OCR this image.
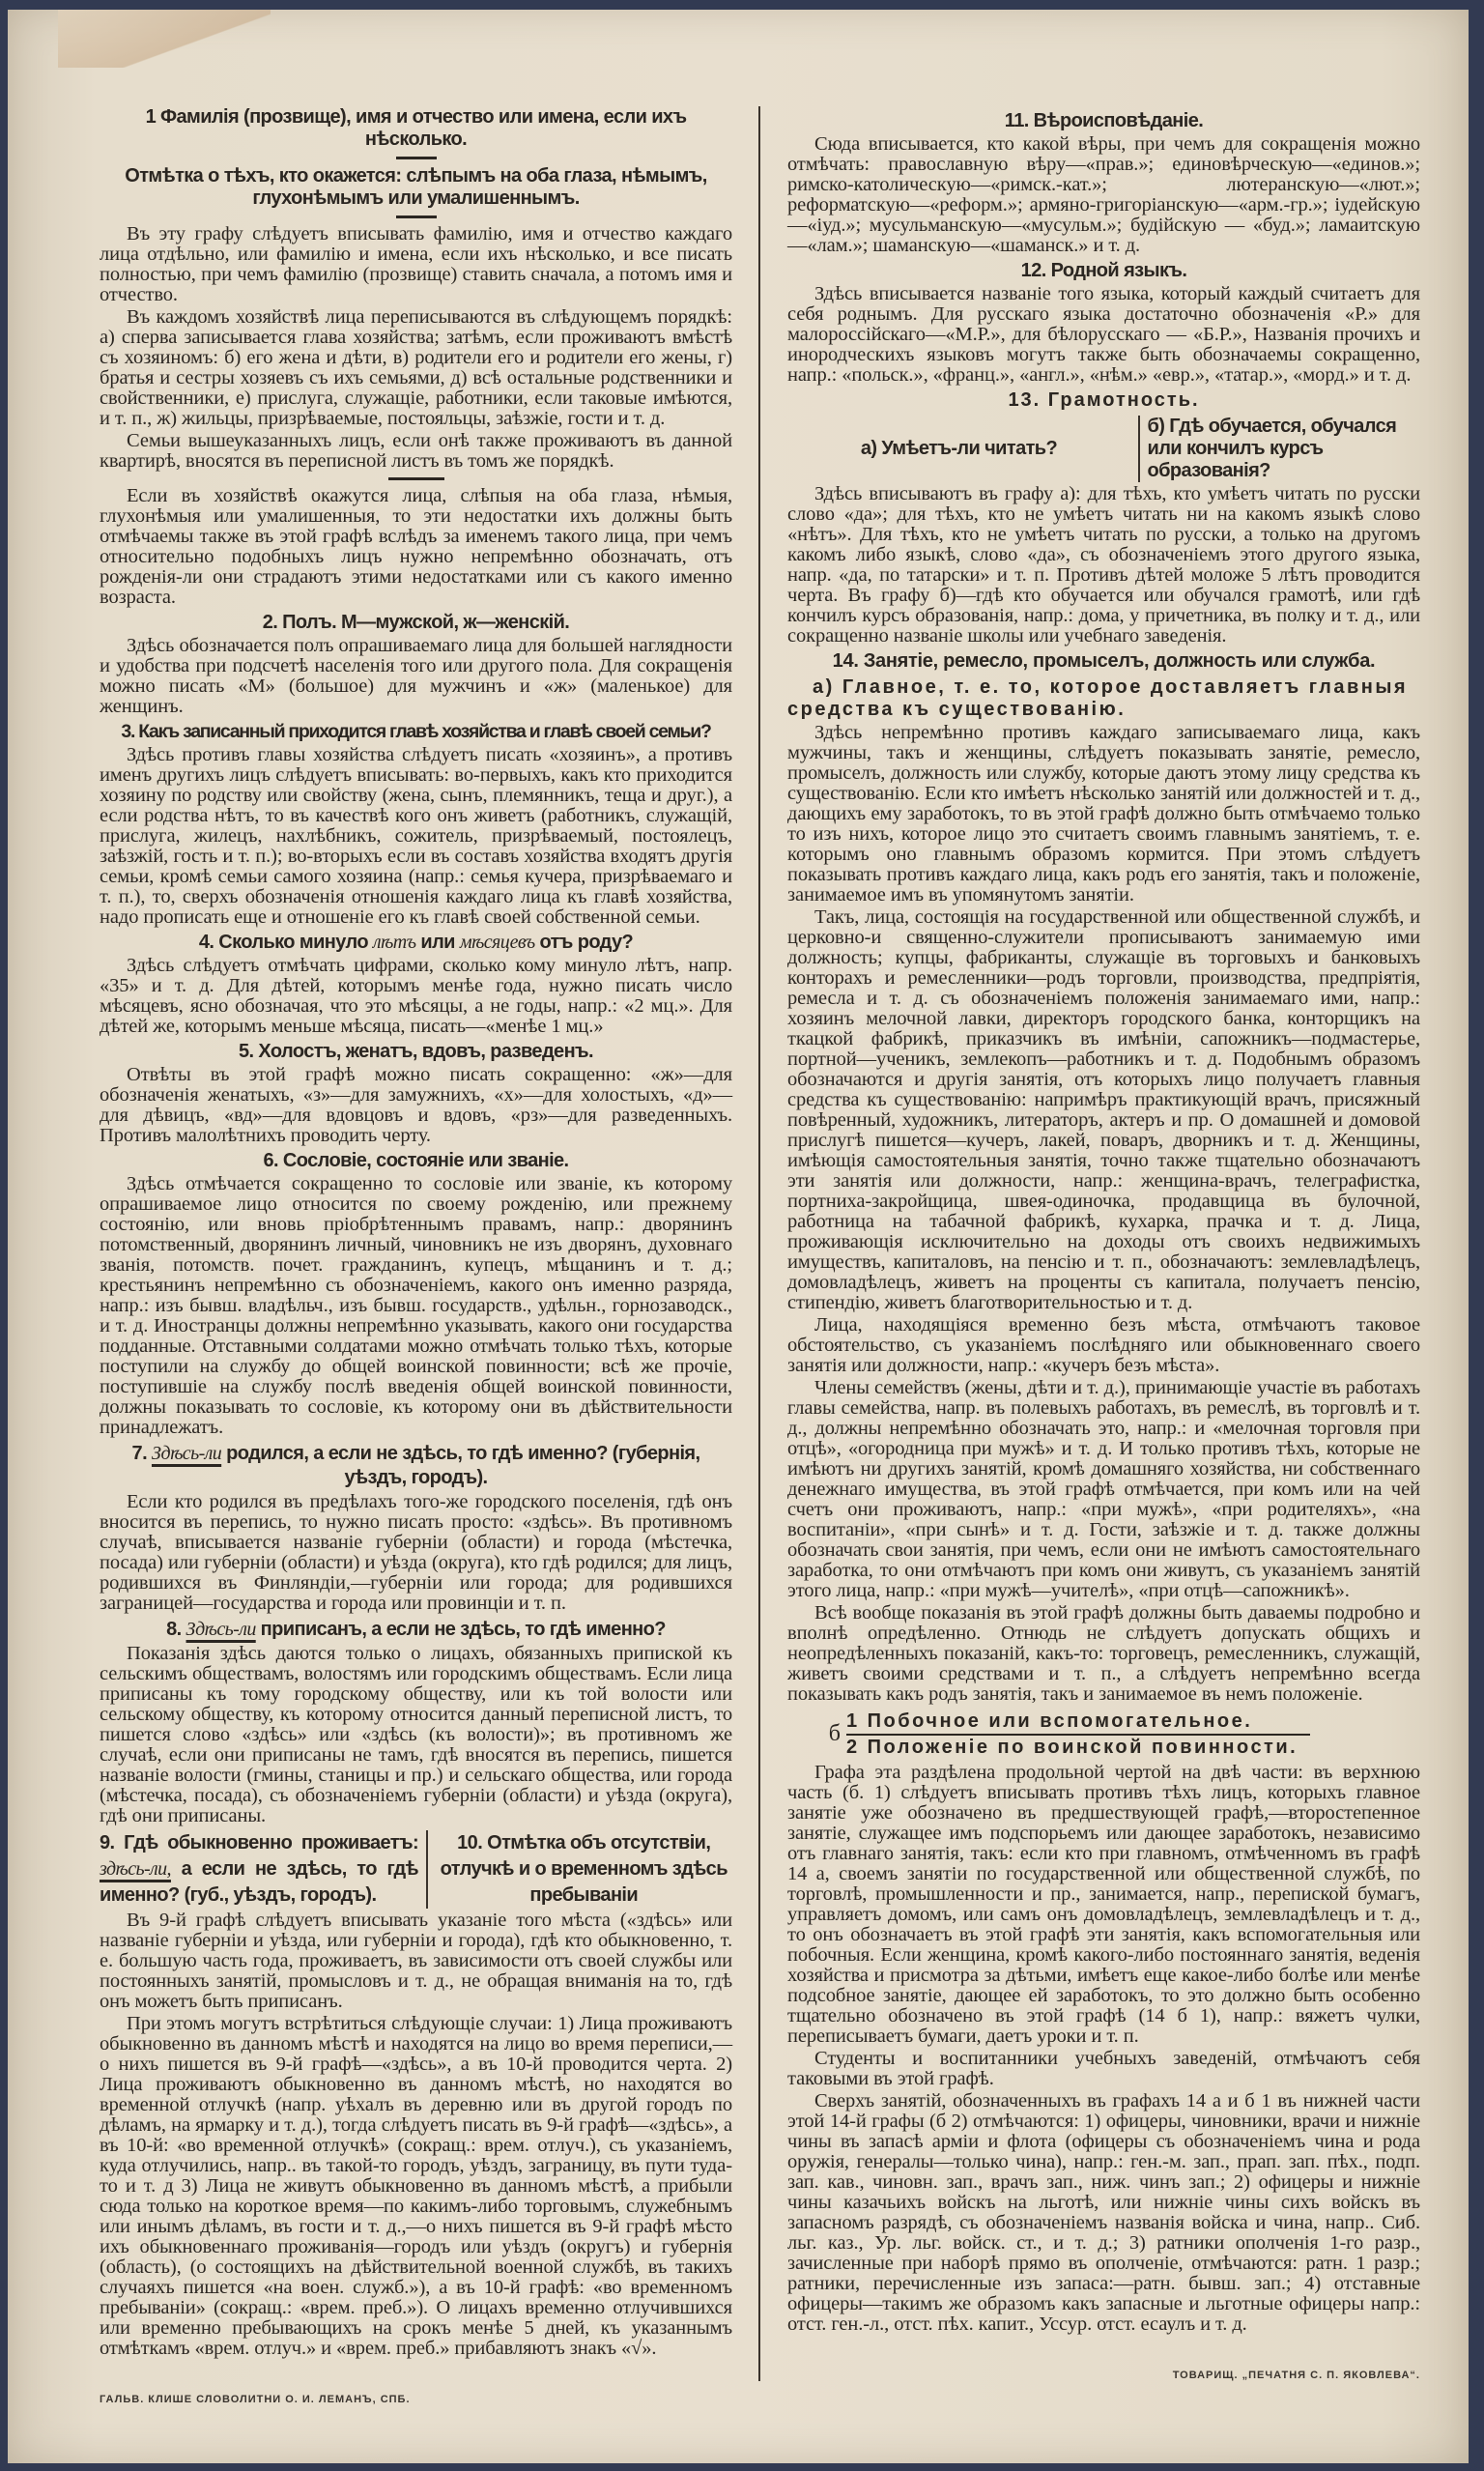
1 Фамилія (прозвище), имя и отчество или имена, если ихъ нѣсколько.
Отмѣтка о тѣхъ, кто окажется: слѣпымъ на оба глаза, нѣмымъ, глухонѣмымъ или умалишеннымъ.
Въ эту графу слѣдуетъ вписывать фамилію, имя и отчество каждаго лица отдѣльно, или фамилію и имена, если ихъ нѣсколько, и все писать полностью, при чемъ фамилію (прозвище) ставить сначала, а потомъ имя и отчество.
Въ каждомъ хозяйствѣ лица переписываются въ слѣдующемъ порядкѣ: а) сперва записывается глава хозяйства; затѣмъ, если проживаютъ вмѣстѣ съ хозяиномъ: б) его жена и дѣти, в) родители его и родители его жены, г) братья и сестры хозяевъ съ ихъ семьями, д) всѣ остальные родственники и свойственники, е) прислуга, служащіе, работники, если таковые имѣются, и т. п., ж) жильцы, призрѣваемые, постояльцы, заѣзжіе, гости и т. д.
Семьи вышеуказанныхъ лицъ, если онѣ также проживаютъ въ данной квартирѣ, вносятся въ переписной листъ въ томъ же порядкѣ.
Если въ хозяйствѣ окажутся лица, слѣпыя на оба глаза, нѣмыя, глухонѣмыя или умалишенныя, то эти недостатки ихъ должны быть отмѣчаемы также въ этой графѣ вслѣдъ за именемъ такого лица, при чемъ относительно подобныхъ лицъ нужно непремѣнно обозначать, отъ рожденія-ли они страдаютъ этими недостатками или съ какого именно возраста.
2. Полъ. М—мужской, ж—женскій.
Здѣсь обозначается полъ опрашиваемаго лица для большей наглядности и удобства при подсчетѣ населенія того или другого пола. Для сокращенія можно писать «М» (большое) для мужчинъ и «ж» (маленькое) для женщинъ.
3. Какъ записанный приходится главѣ хозяйства и главѣ своей семьи?
Здѣсь противъ главы хозяйства слѣдуетъ писать «хозяинъ», а противъ именъ другихъ лицъ слѣдуетъ вписывать: во-первыхъ, какъ кто приходится хозяину по родству или свойству (жена, сынъ, племянникъ, теща и друг.), а если родства нѣтъ, то въ качествѣ кого онъ живетъ (работникъ, служащій, прислуга, жилецъ, нахлѣбникъ, сожитель, призрѣваемый, постоялецъ, заѣзжій, гость и т. п.); во-вторыхъ если въ составъ хозяйства входятъ другія семьи, кромѣ семьи самого хозяина (напр.: семья кучера, призрѣваемаго и т. п.), то, сверхъ обозначенія отношенія каждаго лица къ главѣ хозяйства, надо прописать еще и отношеніе его къ главѣ своей собственной семьи.
4. Сколько минуло лѣтъ или мѣсяцевъ отъ роду?
Здѣсь слѣдуетъ отмѣчать цифрами, сколько кому минуло лѣтъ, напр. «35» и т. д. Для дѣтей, которымъ менѣе года, нужно писать число мѣсяцевъ, ясно обозначая, что это мѣсяцы, а не годы, напр.: «2 мц.». Для дѣтей же, которымъ меньше мѣсяца, писать—«менѣе 1 мц.»
5. Холостъ, женатъ, вдовъ, разведенъ.
Отвѣты въ этой графѣ можно писать сокращенно: «ж»—для обозначенія женатыхъ, «з»—для замужнихъ, «х»—для холостыхъ, «д»—для дѣвицъ, «вд»—для вдовцовъ и вдовъ, «рз»—для разведенныхъ. Противъ малолѣтнихъ проводить черту.
6. Сословіе, состояніе или званіе.
Здѣсь отмѣчается сокращенно то сословіе или званіе, къ которому опрашиваемое лицо относится по своему рожденію, или прежнему состоянію, или вновь пріобрѣтеннымъ правамъ, напр.: дворянинъ потомственный, дворянинъ личный, чиновникъ не изъ дворянъ, духовнаго званія, потомств. почет. гражданинъ, купецъ, мѣщанинъ и т. д.; крестьянинъ непремѣнно съ обозначеніемъ, какого онъ именно разряда, напр.: изъ бывш. владѣльч., изъ бывш. государств., удѣльн., горнозаводск., и т. д. Иностранцы должны непремѣнно указывать, какого они государства подданные. Отставными солдатами можно отмѣчать только тѣхъ, которые поступили на службу до общей воинской повинности; всѣ же прочіе, поступившіе на службу послѣ введенія общей воинской повинности, должны показывать то сословіе, къ которому они въ дѣйствительности принадлежатъ.
7. Здѣсь-ли родился, а если не здѣсь, то гдѣ именно? (губернія, уѣздъ, городъ).
Если кто родился въ предѣлахъ того-же городского поселенія, гдѣ онъ вносится въ перепись, то нужно писать просто: «здѣсь». Въ противномъ случаѣ, вписывается названіе губерніи (области) и города (мѣстечка, посада) или губерніи (области) и уѣзда (округа), кто гдѣ родился; для лицъ, родившихся въ Финляндіи,—губерніи или города; для родившихся заграницей—государства и города или провинціи и т. п.
8. Здѣсь-ли приписанъ, а если не здѣсь, то гдѣ именно?
Показанія здѣсь даются только о лицахъ, обязанныхъ припиской къ сельскимъ обществамъ, волостямъ или городскимъ обществамъ. Если лица приписаны къ тому городскому обществу, или къ той волости или сельскому обществу, къ которому относится данный переписной листъ, то пишется слово «здѣсь» или «здѣсь (къ волости)»; въ противномъ же случаѣ, если они приписаны не тамъ, гдѣ вносятся въ перепись, пишется названіе волости (гмины, станицы и пр.) и сельскаго общества, или города (мѣстечка, посада), съ обозначеніемъ губерніи (области) и уѣзда (округа), гдѣ они приписаны.
9. Гдѣ обыкновенно проживаетъ: здѣсь-ли, а если не здѣсь, то гдѣ именно? (губ., уѣздъ, городъ).
10. Отмѣтка объ отсутствіи, отлучкѣ и о временномъ здѣсь пребываніи
Въ 9-й графѣ слѣдуетъ вписывать указаніе того мѣста («здѣсь» или названіе губерніи и уѣзда, или губерніи и города), гдѣ кто обыкновенно, т. е. большую часть года, проживаетъ, въ зависимости отъ своей службы или постоянныхъ занятій, промысловъ и т. д., не обращая вниманія на то, гдѣ онъ можетъ быть приписанъ.
При этомъ могутъ встрѣтиться слѣдующіе случаи: 1) Лица проживаютъ обыкновенно въ данномъ мѣстѣ и находятся на лицо во время переписи,—о нихъ пишется въ 9-й графѣ—«здѣсь», а въ 10-й проводится черта. 2) Лица проживаютъ обыкновенно въ данномъ мѣстѣ, но находятся во временной отлучкѣ (напр. уѣхалъ въ деревню или въ другой городъ по дѣламъ, на ярмарку и т. д.), тогда слѣдуетъ писать въ 9-й графѣ—«здѣсь», а въ 10-й: «во временной отлучкѣ» (сокращ.: врем. отлуч.), съ указаніемъ, куда отлучились, напр.. въ такой-то городъ, уѣздъ, заграницу, въ пути туда-то и т. д 3) Лица не живутъ обыкновенно въ данномъ мѣстѣ, а прибыли сюда только на короткое время—по какимъ-либо торговымъ, служебнымъ или инымъ дѣламъ, въ гости и т. д.,—о нихъ пишется въ 9-й графѣ мѣсто ихъ обыкновеннаго проживанія—городъ или уѣздъ (округъ) и губернія (область), (о состоящихъ на дѣйствительной военной службѣ, въ такихъ случаяхъ пишется «на воен. служб.»), а въ 10-й графѣ: «во временномъ пребываніи» (сокращ.: «врем. преб.»). О лицахъ временно отлучившихся или временно пребывающихъ на срокъ менѣе 5 дней, къ указаннымъ отмѣткамъ «врем. отлуч.» и «врем. преб.» прибавляютъ знакъ «√».
ГАЛЬВ. КЛИШЕ СЛОВОЛИТНИ О. И. ЛЕМАНЪ, СПБ.
11. Вѣроисповѣданіе.
Сюда вписывается, кто какой вѣры, при чемъ для сокращенія можно отмѣчать: православную вѣру—«прав.»; единовѣрческую—«единов.»; римско-католическую—«римск.-кат.»; лютеранскую—«лют.»; реформатскую—«реформ.»; армяно-григоріанскую—«арм.-гр.»; іудейскую—«іуд.»; мусульманскую—«мусульм.»; будійскую — «буд.»; ламаитскую—«лам.»; шаманскую—«шаманск.» и т. д.
12. Родной языкъ.
Здѣсь вписывается названіе того языка, который каждый считаетъ для себя роднымъ. Для русскаго языка достаточно обозначенія «Р.» для малороссійскаго—«М.Р.», для бѣлорусскаго — «Б.Р.», Названія прочихъ и инородческихъ языковъ могутъ также быть обозначаемы сокращенно, напр.: «польск.», «франц.», «англ.», «нѣм.» «евр.», «татар.», «морд.» и т. д.
13. Грамотность.
а) Умѣетъ-ли читать?
б) Гдѣ обучается, обучался или кончилъ курсъ образованія?
Здѣсь вписываютъ въ графу а): для тѣхъ, кто умѣетъ читать по русски слово «да»; для тѣхъ, кто не умѣетъ читать ни на какомъ языкѣ слово «нѣтъ». Для тѣхъ, кто не умѣетъ читать по русски, а только на другомъ какомъ либо языкѣ, слово «да», съ обозначеніемъ этого другого языка, напр. «да, по татарски» и т. п. Противъ дѣтей моложе 5 лѣтъ проводится черта. Въ графу б)—гдѣ кто обучается или обучался грамотѣ, или гдѣ кончилъ курсъ образованія, напр.: дома, у причетника, въ полку и т. д., или сокращенно названіе школы или учебнаго заведенія.
14. Занятіе, ремесло, промыселъ, должность или служба.
а) Главное, т. е. то, которое доставляетъ главныя средства къ существованію.
Здѣсь непремѣнно противъ каждаго записываемаго лица, какъ мужчины, такъ и женщины, слѣдуетъ показывать занятіе, ремесло, промыселъ, должность или службу, которые даютъ этому лицу средства къ существованію. Если кто имѣетъ нѣсколько занятій или должностей и т. д., дающихъ ему заработокъ, то въ этой графѣ должно быть отмѣчаемо только то изъ нихъ, которое лицо это считаетъ своимъ главнымъ занятіемъ, т. е. которымъ оно главнымъ образомъ кормится. При этомъ слѣдуетъ показывать противъ каждаго лица, какъ родъ его занятія, такъ и положеніе, занимаемое имъ въ упомянутомъ занятіи.
Такъ, лица, состоящія на государственной или общественной службѣ, и церковно-и священно-служители прописываютъ занимаемую ими должность; купцы, фабриканты, служащіе въ торговыхъ и банковыхъ конторахъ и ремесленники—родъ торговли, производства, предпріятія, ремесла и т. д. съ обозначеніемъ положенія занимаемаго ими, напр.: хозяинъ мелочной лавки, директоръ городского банка, конторщикъ на ткацкой фабрикѣ, приказчикъ въ имѣніи, сапожникъ—подмастерье, портной—ученикъ, землекопъ—работникъ и т. д. Подобнымъ образомъ обозначаются и другія занятія, отъ которыхъ лицо получаетъ главныя средства къ существованію: напримѣръ практикующій врачъ, присяжный повѣренный, художникъ, литераторъ, актеръ и пр. О домашней и домовой прислугѣ пишется—кучеръ, лакей, поваръ, дворникъ и т. д. Женщины, имѣющія самостоятельныя занятія, точно также тщательно обозначаютъ эти занятія или должности, напр.: женщина-врачъ, телеграфистка, портниха-закройщица, швея-одиночка, продавщица въ булочной, работница на табачной фабрикѣ, кухарка, прачка и т. д. Лица, проживающія исключительно на доходы отъ своихъ недвижимыхъ имуществъ, капиталовъ, на пенсію и т. п., обозначаютъ: землевладѣлецъ, домовладѣлецъ, живетъ на проценты съ капитала, получаетъ пенсію, стипендію, живетъ благотворительностью и т. д.
Лица, находящіяся временно безъ мѣста, отмѣчаютъ таковое обстоятельство, съ указаніемъ послѣдняго или обыкновеннаго своего занятія или должности, напр.: «кучеръ безъ мѣста».
Члены семействъ (жены, дѣти и т. д.), принимающіе участіе въ работахъ главы семейства, напр. въ полевыхъ работахъ, въ ремеслѣ, въ торговлѣ и т. д., должны непремѣнно обозначать это, напр.: и «мелочная торговля при отцѣ», «огородница при мужѣ» и т. д. И только противъ тѣхъ, которые не имѣютъ ни другихъ занятій, кромѣ домашняго хозяйства, ни собственнаго денежнаго имущества, въ этой графѣ отмѣчается, при комъ или на чей счетъ они проживаютъ, напр.: «при мужѣ», «при родителяхъ», «на воспитаніи», «при сынѣ» и т. д. Гости, заѣзжіе и т. д. также должны обозначать свои занятія, при чемъ, если они не имѣютъ самостоятельнаго заработка, то они отмѣчаютъ при комъ они живутъ, съ указаніемъ занятій этого лица, напр.: «при мужѣ—учителѣ», «при отцѣ—сапожникѣ».
Всѣ вообще показанія въ этой графѣ должны быть даваемы подробно и вполнѣ опредѣленно. Отнюдь не слѣдуетъ допускать общихъ и неопредѣленныхъ показаній, какъ-то: торговецъ, ремесленникъ, служащій, живетъ своими средствами и т. п., а слѣдуетъ непремѣнно всегда показывать какъ родъ занятія, такъ и занимаемое въ немъ положеніе.
б
1 Побочное или вспомогательное.
2 Положеніе по воинской повинности.
Графа эта раздѣлена продольной чертой на двѣ части: въ верхнюю часть (б. 1) слѣдуетъ вписывать противъ тѣхъ лицъ, которыхъ главное занятіе уже обозначено въ предшествующей графѣ,—второстепенное занятіе, служащее имъ подспорьемъ или дающее заработокъ, независимо отъ главнаго занятія, такъ: если кто при главномъ, отмѣченномъ въ графѣ 14 а, своемъ занятіи по государственной или общественной службѣ, по торговлѣ, промышленности и пр., занимается, напр., перепиской бумагъ, управляетъ домомъ, или самъ онъ домовладѣлецъ, землевладѣлецъ и т. д., то онъ обозначаетъ въ этой графѣ эти занятія, какъ вспомогательныя или побочныя. Если женщина, кромѣ какого-либо постояннаго занятія, веденія хозяйства и присмотра за дѣтьми, имѣетъ еще какое-либо болѣе или менѣе подсобное занятіе, дающее ей заработокъ, то это должно быть особенно тщательно обозначено въ этой графѣ (14 б 1), напр.: вяжетъ чулки, переписываетъ бумаги, даетъ уроки и т. п.
Студенты и воспитанники учебныхъ заведеній, отмѣчаютъ себя таковыми въ этой графѣ.
Сверхъ занятій, обозначенныхъ въ графахъ 14 а и б 1 въ нижней части этой 14-й графы (б 2) отмѣчаются: 1) офицеры, чиновники, врачи и нижніе чины въ запасѣ арміи и флота (офицеры съ обозначеніемъ чина и рода оружія, генералы—только чина), напр.: ген.-м. зап., прап. зап. пѣх., подп. зап. кав., чиновн. зап., врачъ зап., ниж. чинъ зап.; 2) офицеры и нижніе чины казачьихъ войскъ на льготѣ, или нижніе чины сихъ войскъ въ запасномъ разрядѣ, съ обозначеніемъ названія войска и чина, напр.. Сиб. льг. каз., Ур. льг. войск. ст., и т. д.; 3) ратники ополченія 1-го разр., зачисленные при наборѣ прямо въ ополченіе, отмѣчаются: ратн. 1 разр.; ратники, перечисленные изъ запаса:—ратн. бывш. зап.; 4) отставные офицеры—такимъ же образомъ какъ запасные и льготные офицеры напр.: отст. ген.-л., отст. пѣх. капит., Уссур. отст. есаулъ и т. д.
ТОВАРИЩ. „ПЕЧАТНЯ С. П. ЯКОВЛЕВА“.
